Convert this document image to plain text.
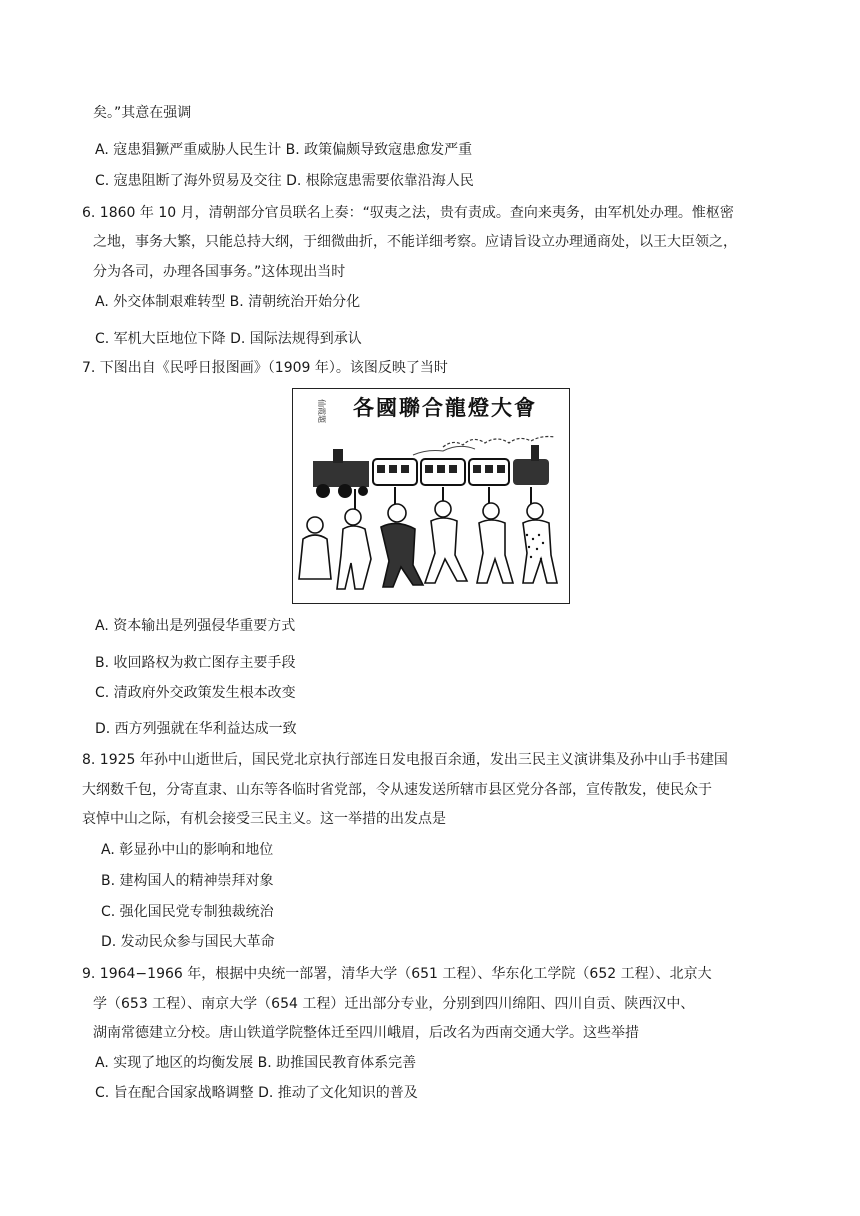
矣。”其意在强调
A. 寇患猖獗严重威胁人民生计 B. 政策偏颇导致寇患愈发严重
C. 寇患阻断了海外贸易及交往 D. 根除寇患需要依靠沿海人民
6. 1860 年 10 月，清朝部分官员联名上奏：“驭夷之法，贵有责成。查向来夷务，由军机处办理。惟枢密
之地，事务大繁，只能总持大纲，于细微曲折，不能详细考察。应请旨设立办理通商处，以王大臣领之，
分为各司，办理各国事务。”这体现出当时
A. 外交体制艰难转型 B. 清朝统治开始分化
C. 军机大臣地位下降 D. 国际法规得到承认
7. 下图出自《民呼日报图画》（1909 年）。该图反映了当时
各國聯合龍燈大會
仙霞題
A. 资本输出是列强侵华重要方式
B. 收回路权为救亡图存主要手段
C. 清政府外交政策发生根本改变
D. 西方列强就在华利益达成一致
8. 1925 年孙中山逝世后，国民党北京执行部连日发电报百余通，发出三民主义演讲集及孙中山手书建国
大纲数千包，分寄直隶、山东等各临时省党部，令从速发送所辖市县区党分各部，宣传散发，使民众于
哀悼中山之际，有机会接受三民主义。这一举措的出发点是
A. 彰显孙中山的影响和地位
B. 建构国人的精神崇拜对象
C. 强化国民党专制独裁统治
D. 发动民众参与国民大革命
9. 1964−1966 年，根据中央统一部署，清华大学（651 工程）、华东化工学院（652 工程）、北京大
学（653 工程）、南京大学（654 工程）迁出部分专业，分别到四川绵阳、四川自贡、陕西汉中、
湖南常德建立分校。唐山铁道学院整体迁至四川峨眉，后改名为西南交通大学。这些举措
A. 实现了地区的均衡发展 B. 助推国民教育体系完善
C. 旨在配合国家战略调整 D. 推动了文化知识的普及
